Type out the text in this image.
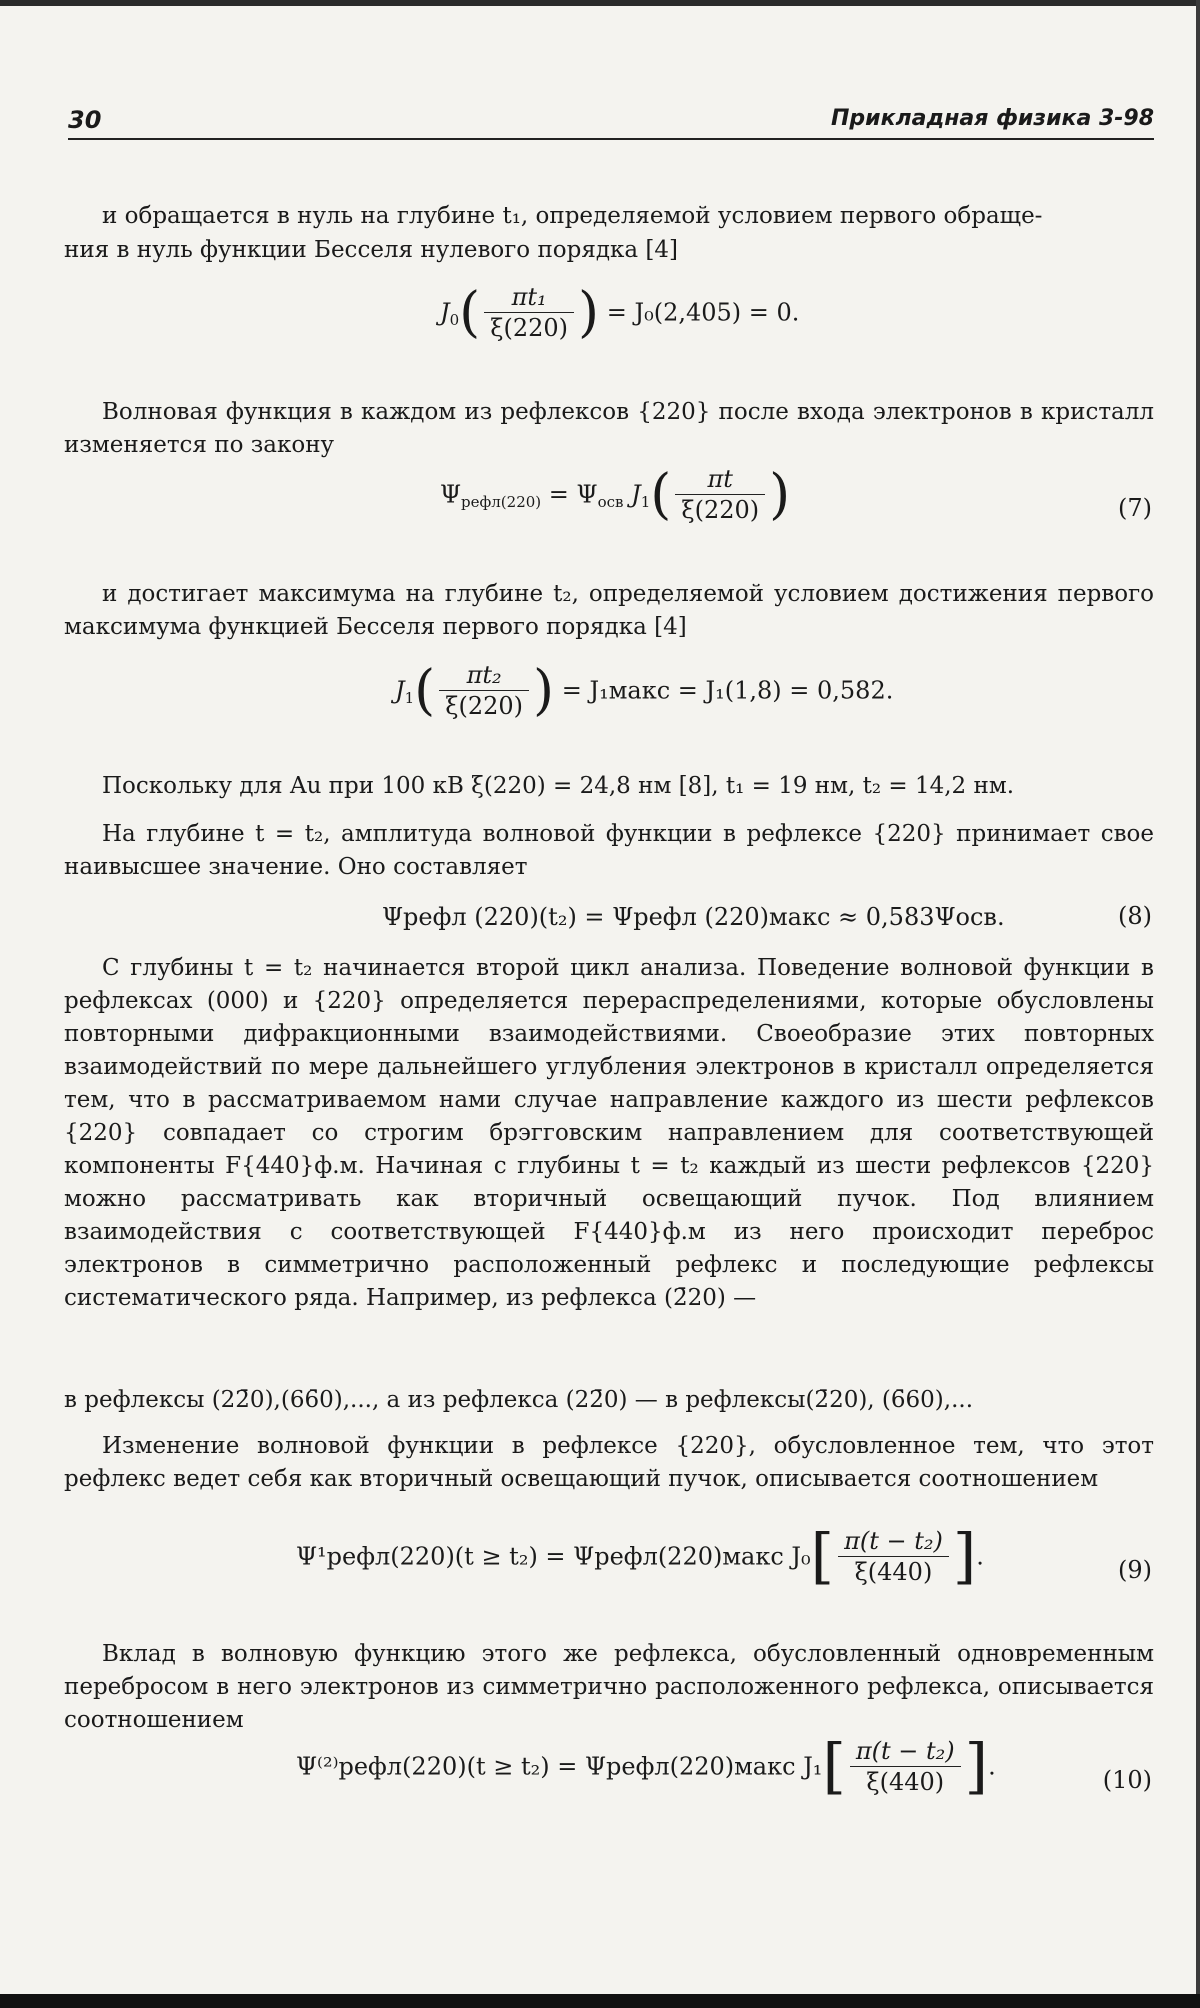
30	Прикладная физика 3-98
и обращается в нуль на глубине t₁, определяемой условием первого обраще-
ния в нуль функции Бесселя нулевого порядка [4]
$J_0( \frac{\text{πt₁}}{\xi(220)}$ ) = J₀(2,405) = 0.
Волновая функция в каждом из рефлексов {220} после входа электронов в кристалл изменяется по закону
$\Psi_{рефл(220)} = \Psi_{осв}$ $J_1( \frac{\pi t}{\xi(220)}$ )	(7)
и достигает максимума на глубине t₂, определяемой условием достижения первого максимума функцией Бесселя первого порядка [4]
$J_1( \frac{\text{πt₂}}{\xi(220)}$ ) = J₁макс = J₁(1,8) = 0,582.
Поскольку для Au при 100 кВ ξ(220) = 24,8 нм [8], t₁ = 19 нм, t₂ = 14,2 нм.
На глубине t = t₂, амплитуда волновой функции в рефлексе {220} принимает свое наивысшее значение. Оно составляет
Ψрефл (220)(t₂) = Ψрефл (220)макс ≈ 0,583Ψосв.	(8)
С глубины t = t₂ начинается второй цикл анализа. Поведение волновой функции в рефлексах (000) и {220} определяется перераспределениями, которые обусловлены повторными дифракционными взаимодействиями. Своеобразие этих повторных взаимодействий по мере дальнейшего углубления электронов в кристалл определяется тем, что в рассматриваемом нами случае направление каждого из шести рефлексов {220} совпадает со строгим брэгговским направлением для соответствующей компоненты F{440}ф.м. Начиная с глубины t = t₂ каждый из шести рефлексов {220} можно рассматривать как вторичный освещающий пучок. Под влиянием взаимодействия с соответствующей F{440}ф.м из него происходит переброс электронов в симметрично расположенный рефлекс и последующие рефлексы систематического ряда. Например, из рефлекса (2̄20) —
в рефлексы (22̄0),(66̄0),..., а из рефлекса (22̄0) — в рефлексы(2̄20), (6̄60),...
Изменение волновой функции в рефлексе {220}, обусловленное тем, что этот рефлекс ведет себя как вторичный освещающий пучок, описывается соотношением
Ψ¹рефл(220)(t ≥ t₂) = Ψрефл(220)макс $J_0[ \frac{\text{π(t − t₂)}}{\xi(440)}$ ].	(9)
Вклад в волновую функцию этого же рефлекса, обусловленный одновременным перебросом в него электронов из симметрично расположенного рефлекса, описывается соотношением
Ψ⁽²⁾рефл(220)(t ≥ t₂) = Ψрефл(220)макс $J_1[ \frac{\text{π(t − t₂)}}{\xi(440)}$ ].	(10)
